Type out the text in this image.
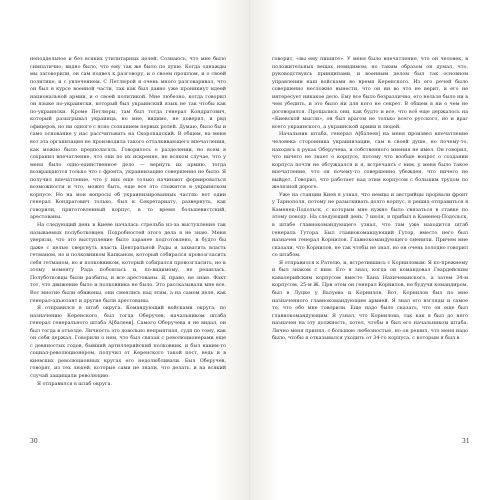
неподдельное и без всяких утилитарных целей. Сознаюсь, что мне было симпатично; видно было, что ему так же было по душе. Когда однажды мы заговорили, он сам подвел к разговору, и о своем прошлом, и о своей политике, и с увлечением. С Петлюрой я очень много разговаривал, что он был в курсе военной части, так как был давно уже проникнут идеей национальной армии, и о своей политикой. Мне любезно, когда говорил он языке по-украински, который был украинский язык не так чтобы как по-украински. Кроме Петлюры, там был тогда генерал Кондратович, который разыгрывал украинца, но мне, видимо, не доверял, и ряд офицеров, но ни одного с ясно сознанием первых ролей. Думаю, было бы и само основание у нас рассчитывать на Скоропадский. В общем, на меня вот эта организация не производила такого отталкивающего впечатления, как можно было предполагать. Говорилось о разделении, но всем я сохранил впечатление, что они по их искренне, не всяком случае, что у меня было одно-единственное дело — вернуть их армию, тогда возвращаются только что с фронта, украинизацию совершенно не было. Я получил впечатление, что у них еще только начинают формироваться возможности и что, может быть, еще все это сложится в украинском корпусе. Но на мои вопросы об украинизированных частях: вот один генерал Кондратович только, был к Секретариату, развернуть, как говорили, приготовленный корпус, в то время большевистский, арестованы.

На следующий день в Киеве началась стрельба из-за выступления так называемых полуботковцев. Подробностей этого дела я не знаю. Меня уверяли, что это выступление было заранее подготовлено, и будто бы даже с целью свергнуть власть Центральной Рады и захватить власть гетманом, но и полковником Капканом, который собирался провозгласить себя гетманом, но и полковником, который собирался провозгласить, но к этому моменту Рада побоялась и, по-видимому, не решилась. Полуботковцы были разбиты, и все арестованы. Я, право, не знаю. Факт тот, что движение было и полковника не было. Это рассказывали мне все. Вот многие были обижены, они смеялись над этим, а на самом деле, как генерал-адъютант и другие были арестованы.

Я отправился в штаб округа. Командующий войсками округа, по назначению Керенского, был тогда Оберучев, начальником штаба генерал генерального штаба А[балеев]. Самого Оберучева я не видал, он был тогда в отъезде. Личность это довольно неприятная, судя по тому, как он себя держал. Говорили о нем, что был связан с революционерами еще с девяностых годов, бывший артиллерийский полковник, и был каким-то социал-революционером, получил от Керенского такой пост, ведь и в киевских революционных кругах его недолюбливали. Был Оберучев, говорят, из тех людей, которые сами не знали, что делать, и на всякий случай защищали революцию.

Я отправился в штаб округа.

30

говорит, «вы ему пишите». У меня было впечатление, что он человек, в положительных вещах невидимом, но таким образом он думал, что, руководствуясь принципами, и военным делом был так основном управлении наш войсками во время Керенского. Из его речей было совершенно несложно вынести, что он ни во что не верит, и его не интересует никакое дело. Ему все было безразлично, его нельзя было ни в чем убедить, и это было ни для кого не секрет. В общем я ни о чем не договорился. Прощались они, как будто и все, что всё еще держалось на «Киевской мысли», он был врагом не только всего русского, но и враг всего украинского, а украинской армии и людей.

Начальник штаба, генерал А[балеев] на меня произвел впечатление человека сторонника украинизации, сам в своей душе, но почему-то, находясь в руках Оберучева, и собственного мнения не имел. Он говорил, что ничего не знает о корпусе, потому что вообще вопрос о создании корпуса почти не обсуждался и я, встречаясь с ним, у меня было такое впечатление, что он почему-то совершенно убежден, что ничего не выйдет. Говорил, что работает над этим корпусом с большим трудом по железной дороге.

Уже на станции Киев я узнал, что немцы и австрийцы прорвали фронт у Тарнополя, потому не разыскивать долго корпус, я решил отправиться в Каменец-Подольск, с которым мне нужно было связаться в ставке по этому поводу. На следующий день, 7 июля, я прибыл в Каменец-Подольск, в штабе главнокомандующего узнал, что там уже находится штаб генерала Гутора. Был главнокомандующий Гутор, вместо него был назначен генерал Корнилов. Главнокомандующего сменили. Причем мне сказали, что Корнилов, не так чтобы не знал, но он очень холодно говорил со штабом.

Я отправился к Рателю, и, встретившись с Корниловым. Я по-прежнему и был знаком с ним. Его я знал, когда он командовал Гвардейским кавалерийским корпусом вместо Хана Нахичеванского, а затем 34-м корпусом, 25-м Ж. При этом он генерал Корнилов, не будучи командиром, был в Луцке у Валуева и Корнилов. Вот, Корнилов был по мне назначенного главнокомандующим армией. Я знал его взгляды и самое то, что обо мне говорили. Еще надо было сказать, что он еще был главнокомандующим. Я узнал, что Корнилова, так как я был до него назначен на эту должность, хотел, чтобы я был его начальником штаба. Лично меня принял, с большою любезностью, но он решил, что меня надо было, чтобы я отказывался уходить от 34-го корпуса, с которым я был в

31
